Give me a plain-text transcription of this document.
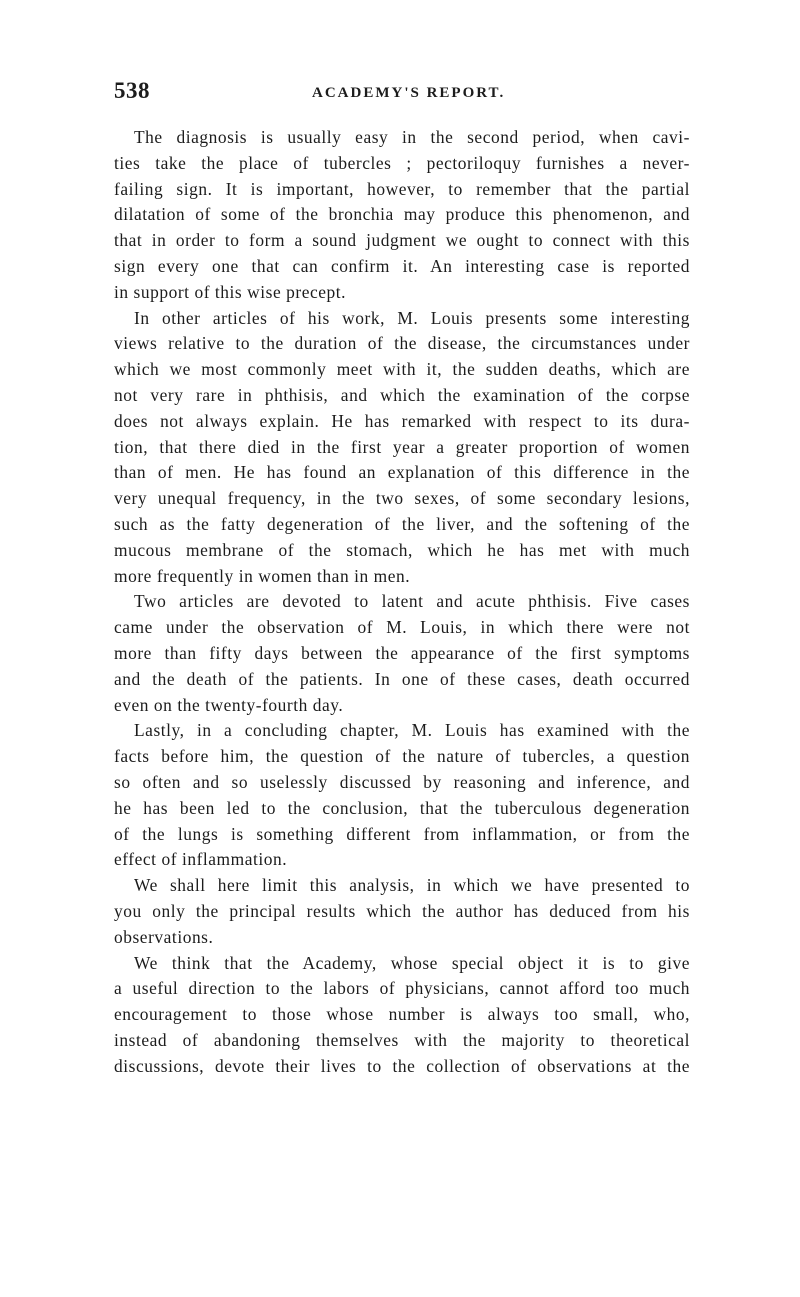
538	ACADEMY'S REPORT.
The diagnosis is usually easy in the second period, when cavi-
ties take the place of tubercles ; pectoriloquy furnishes a never-
failing sign. It is important, however, to remember that the partial
dilatation of some of the bronchia may produce this phenomenon, and
that in order to form a sound judgment we ought to connect with this
sign every one that can confirm it. An interesting case is reported
in support of this wise precept.
In other articles of his work, M. Louis presents some interesting
views relative to the duration of the disease, the circumstances under
which we most commonly meet with it, the sudden deaths, which are
not very rare in phthisis, and which the examination of the corpse
does not always explain. He has remarked with respect to its dura-
tion, that there died in the first year a greater proportion of women
than of men. He has found an explanation of this difference in the
very unequal frequency, in the two sexes, of some secondary lesions,
such as the fatty degeneration of the liver, and the softening of the
mucous membrane of the stomach, which he has met with much
more frequently in women than in men.
Two articles are devoted to latent and acute phthisis. Five cases
came under the observation of M. Louis, in which there were not
more than fifty days between the appearance of the first symptoms
and the death of the patients. In one of these cases, death occurred
even on the twenty-fourth day.
Lastly, in a concluding chapter, M. Louis has examined with the
facts before him, the question of the nature of tubercles, a question
so often and so uselessly discussed by reasoning and inference, and
he has been led to the conclusion, that the tuberculous degeneration
of the lungs is something different from inflammation, or from the
effect of inflammation.
We shall here limit this analysis, in which we have presented to
you only the principal results which the author has deduced from his
observations.
We think that the Academy, whose special object it is to give
a useful direction to the labors of physicians, cannot afford too much
encouragement to those whose number is always too small, who,
instead of abandoning themselves with the majority to theoretical
discussions, devote their lives to the collection of observations at the
